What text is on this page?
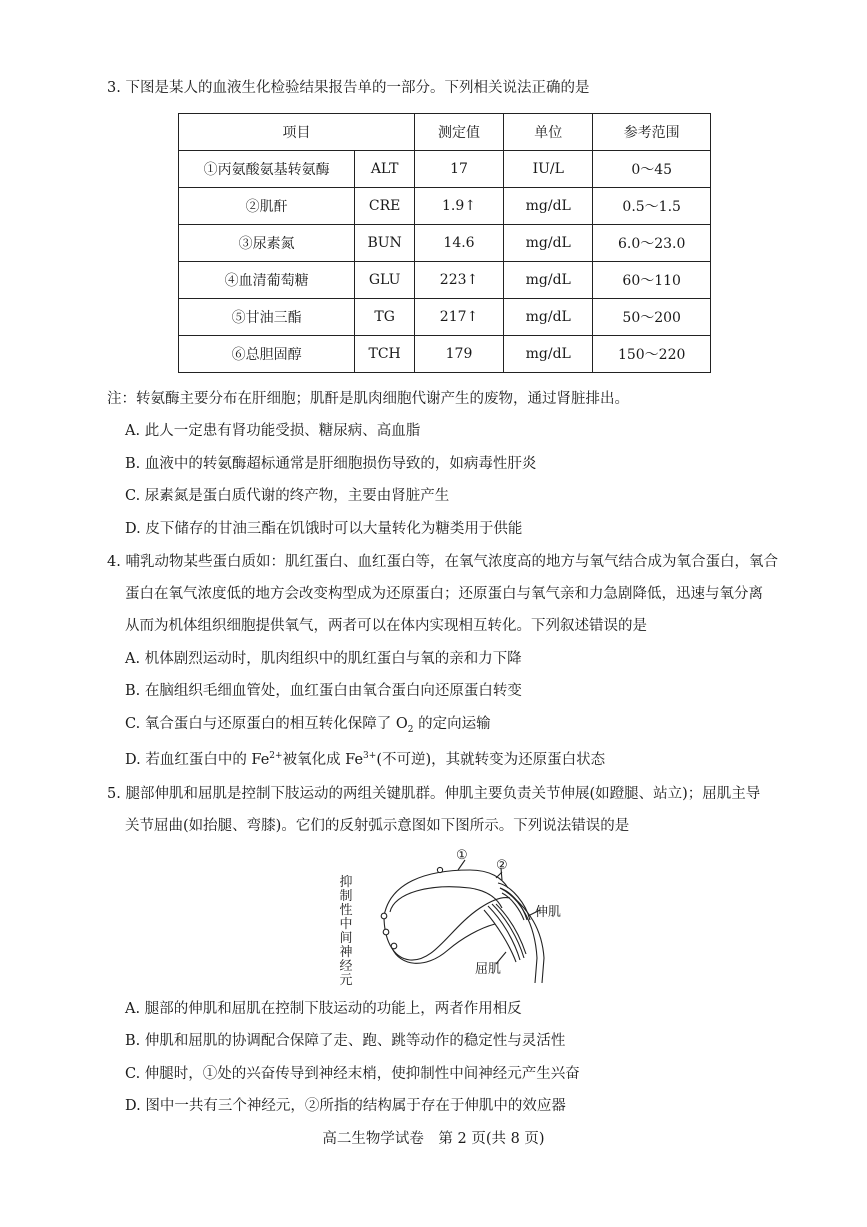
3. 下图是某人的血液生化检验结果报告单的一部分。下列相关说法正确的是
项目		测定值	单位	参考范围
①丙氨酸氨基转氨酶	ALT	17	IU/L	0～45
②肌酐	CRE	1.9↑	mg/dL	0.5～1.5
③尿素氮	BUN	14.6	mg/dL	6.0～23.0
④血清葡萄糖	GLU	223↑	mg/dL	60～110
⑤甘油三酯	TG	217↑	mg/dL	50～200
⑥总胆固醇	TCH	179	mg/dL	150～220
注：转氨酶主要分布在肝细胞；肌酐是肌肉细胞代谢产生的废物，通过肾脏排出。
A. 此人一定患有肾功能受损、糖尿病、高血脂
B. 血液中的转氨酶超标通常是肝细胞损伤导致的，如病毒性肝炎
C. 尿素氮是蛋白质代谢的终产物，主要由肾脏产生
D. 皮下储存的甘油三酯在饥饿时可以大量转化为糖类用于供能
4. 哺乳动物某些蛋白质如：肌红蛋白、血红蛋白等，在氧气浓度高的地方与氧气结合成为氧合蛋白，氧合
蛋白在氧气浓度低的地方会改变构型成为还原蛋白；还原蛋白与氧气亲和力急剧降低，迅速与氧分离
从而为机体组织细胞提供氧气，两者可以在体内实现相互转化。下列叙述错误的是
A. 机体剧烈运动时，肌肉组织中的肌红蛋白与氧的亲和力下降
B. 在脑组织毛细血管处，血红蛋白由氧合蛋白向还原蛋白转变
C. 氧合蛋白与还原蛋白的相互转化保障了 $O_2$ 的定向运输
D. 若血红蛋白中的 $Fe^{2+}$被氧化成 $Fe^{3+}$(不可逆)，其就转变为还原蛋白状态
5. 腿部伸肌和屈肌是控制下肢运动的两组关键肌群。伸肌主要负责关节伸展(如蹬腿、站立)；屈肌主导
关节屈曲(如抬腿、弯膝)。它们的反射弧示意图如下图所示。下列说法错误的是
抑制性中间神经元
①
②
伸肌
屈肌
A. 腿部的伸肌和屈肌在控制下肢运动的功能上，两者作用相反
B. 伸肌和屈肌的协调配合保障了走、跑、跳等动作的稳定性与灵活性
C. 伸腿时，①处的兴奋传导到神经末梢，使抑制性中间神经元产生兴奋
D. 图中一共有三个神经元，②所指的结构属于存在于伸肌中的效应器
高二生物学试卷　第 2 页(共 8 页)
